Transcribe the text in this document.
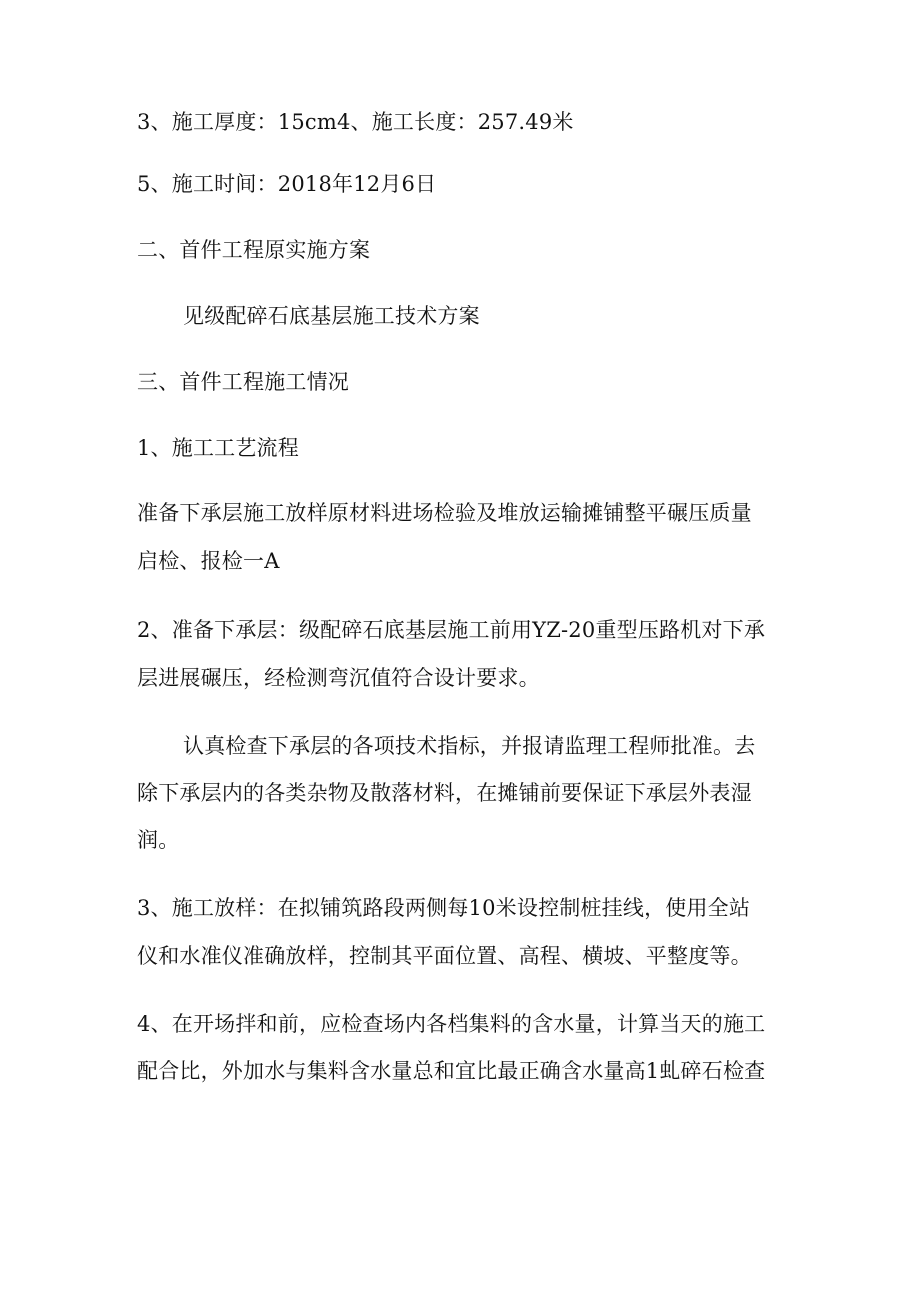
3、施工厚度：15cm4、施工长度：257.49米
5、施工时间：2018年12月6日
二、首件工程原实施方案
见级配碎石底基层施工技术方案
三、首件工程施工情况
1、施工工艺流程
准备下承层施工放样原材料进场检验及堆放运输摊铺整平碾压质量
启检、报检一A
2、准备下承层：级配碎石底基层施工前用YZ-20重型压路机对下承
层进展碾压，经检测弯沉值符合设计要求。
认真检查下承层的各项技术指标，并报请监理工程师批准。去
除下承层内的各类杂物及散落材料，在摊铺前要保证下承层外表湿
润。
3、施工放样：在拟铺筑路段两侧每10米设控制桩挂线，使用全站
仪和水准仪准确放样，控制其平面位置、高程、横坡、平整度等。
4、在开场拌和前，应检查场内各档集料的含水量，计算当天的施工
配合比，外加水与集料含水量总和宜比最正确含水量高1虬碎石检查
